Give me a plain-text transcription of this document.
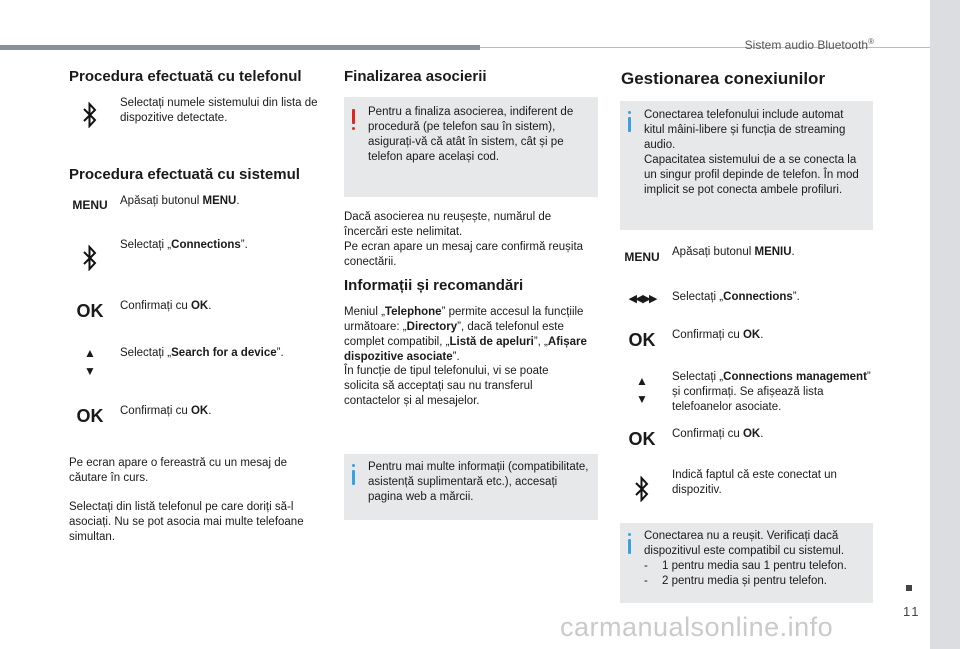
Sistem audio Bluetooth®
11
carmanualsonline.info
Procedura efectuată cu telefonul
Selectați numele sistemului din lista de dispozitive detectate.
Procedura efectuată cu sistemul
MENU	Apăsați butonul MENU.
Selectați „Connections”.
OK	Confirmați cu OK.
▲
▼
Selectați „Search for a device”.
OK	Confirmați cu OK.
Pe ecran apare o fereastră cu un mesaj de căutare în curs.
Selectați din listă telefonul pe care doriți să-l asociați. Nu se pot asocia mai multe telefoane simultan.
Finalizarea asocierii
Pentru a finaliza asocierea, indiferent de procedură (pe telefon sau în sistem), asigurați-vă că atât în sistem, cât și pe telefon apare același cod.
Dacă asocierea nu reușește, numărul de încercări este nelimitat.
Pe ecran apare un mesaj care confirmă reușita conectării.
Informații și recomandări
Meniul „Telephone” permite accesul la funcțiile următoare: „Directory”, dacă telefonul este complet compatibil, „Listă de apeluri”, „Afișare dispozitive asociate”.
În funcție de tipul telefonului, vi se poate solicita să acceptați sau nu transferul contactelor și al mesajelor.
Pentru mai multe informații (compatibilitate, asistență suplimentară etc.), accesați pagina web a mărcii.
Gestionarea conexiunilor
Conectarea telefonului include automat kitul mâini-libere și funcția de streaming audio.
Capacitatea sistemului de a se conecta la un singur profil depinde de telefon. În mod implicit se pot conecta ambele profiluri.
MENU	Apăsați butonul MENIU.
◀◀ ▶▶	Selectați „Connections”.
OK	Confirmați cu OK.
▲
▼
Selectați „Connections management” și confirmați. Se afișează lista telefoanelor asociate.
OK	Confirmați cu OK.
Indică faptul că este conectat un dispozitiv.
Conectarea nu a reușit. Verificați dacă dispozitivul este compatibil cu sistemul.
- 1 pentru media sau 1 pentru telefon.
- 2 pentru media și pentru telefon.
